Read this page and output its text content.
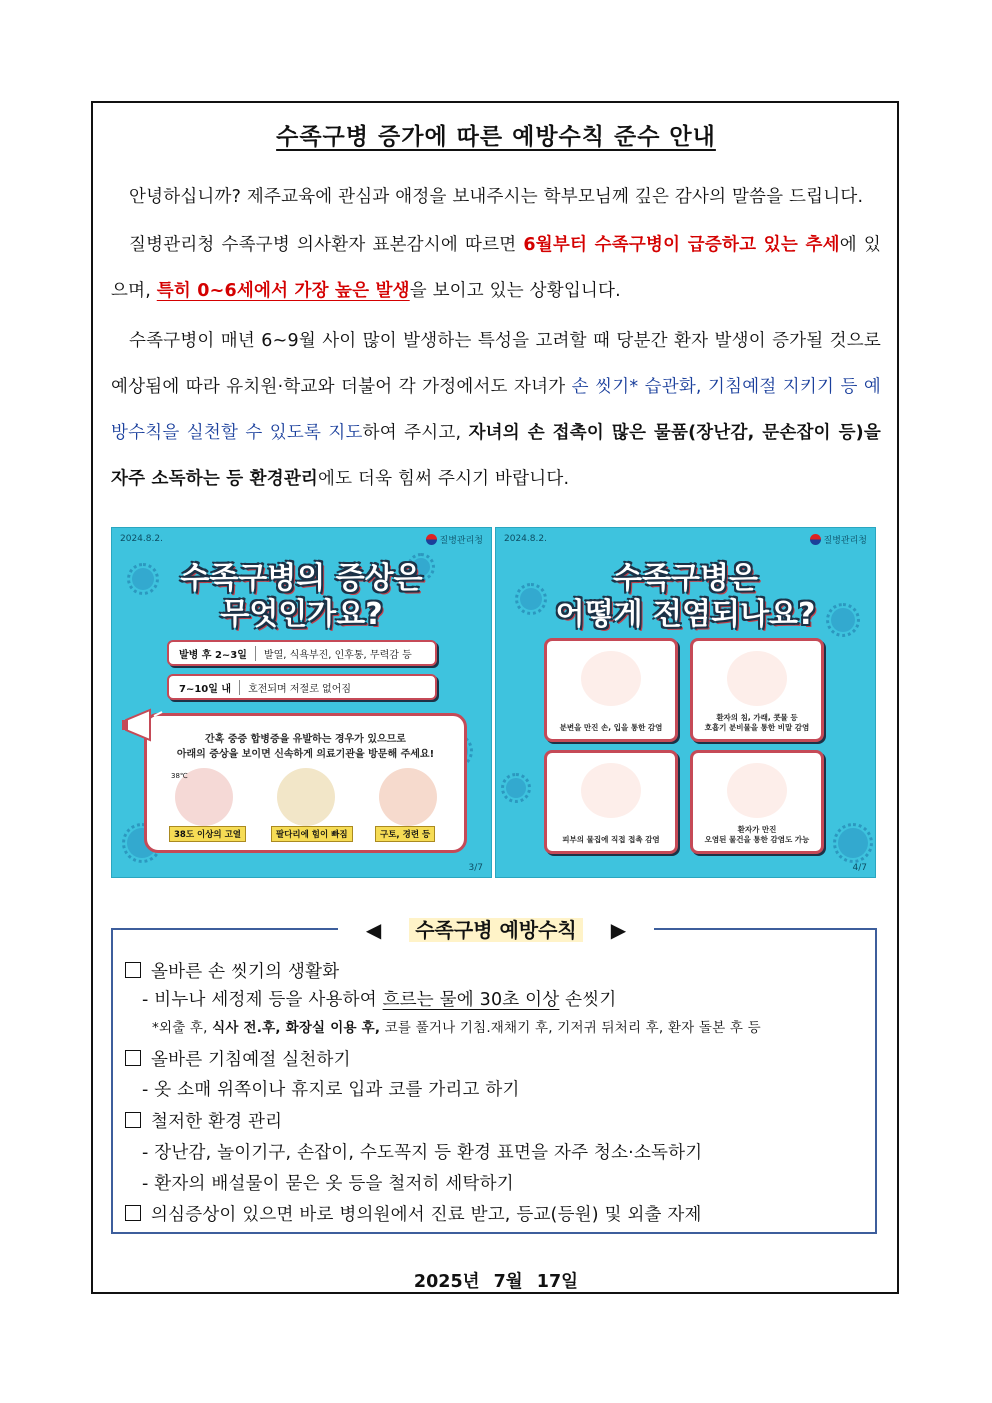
수족구병 증가에 따른 예방수칙 준수 안내
안녕하십니까? 제주교육에 관심과 애정을 보내주시는 학부모님께 깊은 감사의 말씀을 드립니다.
질병관리청 수족구병 의사환자 표본감시에 따르면 6월부터 수족구병이 급증하고 있는 추세에 있으며, 특히 0~6세에서 가장 높은 발생을 보이고 있는 상황입니다.
수족구병이 매년 6~9월 사이 많이 발생하는 특성을 고려할 때 당분간 환자 발생이 증가될 것으로 예상됨에 따라 유치원·학교와 더불어 각 가정에서도 자녀가 손 씻기* 습관화, 기침예절 지키기 등 예방수칙을 실천할 수 있도록 지도하여 주시고, 자녀의 손 접촉이 많은 물품(장난감, 문손잡이 등)을 자주 소독하는 등 환경관리에도 더욱 힘써 주시기 바랍니다.
2024.8.2.	질병관리청
수족구병의 증상은
무엇인가요?
발병 후 2~3일	발열, 식욕부진, 인후통, 무력감 등
7~10일 내	호전되며 저절로 없어짐
간혹 중증 합병증을 유발하는 경우가 있으므로
아래의 증상을 보이면 신속하게 의료기관을 방문해 주세요!
38℃
38도 이상의 고열	팔다리에 힘이 빠짐	구토, 경련 등
3/7
2024.8.2.	질병관리청
수족구병은
어떻게 전염되나요?
분변을 만진 손, 입을 통한 감염
환자의 침, 가래, 콧물 등
호흡기 분비물을 통한 비말 감염
피부의 물집에 직접 접촉 감염
환자가 만진
오염된 물건을 통한 감염도 가능
4/7
◀ 수족구병 예방수칙 ▶
올바른 손 씻기의 생활화
- 비누나 세정제 등을 사용하여 흐르는 물에 30초 이상 손씻기
*외출 후, 식사 전.후, 화장실 이용 후, 코를 풀거나 기침.재채기 후, 기저귀 뒤처리 후, 환자 돌본 후 등
올바른 기침예절 실천하기
- 옷 소매 위쪽이나 휴지로 입과 코를 가리고 하기
철저한 환경 관리
- 장난감, 놀이기구, 손잡이, 수도꼭지 등 환경 표면을 자주 청소·소독하기
- 환자의 배설물이 묻은 옷 등을 철저히 세탁하기
의심증상이 있으면 바로 병의원에서 진료 받고, 등교(등원) 및 외출 자제
2025년 7월 17일
